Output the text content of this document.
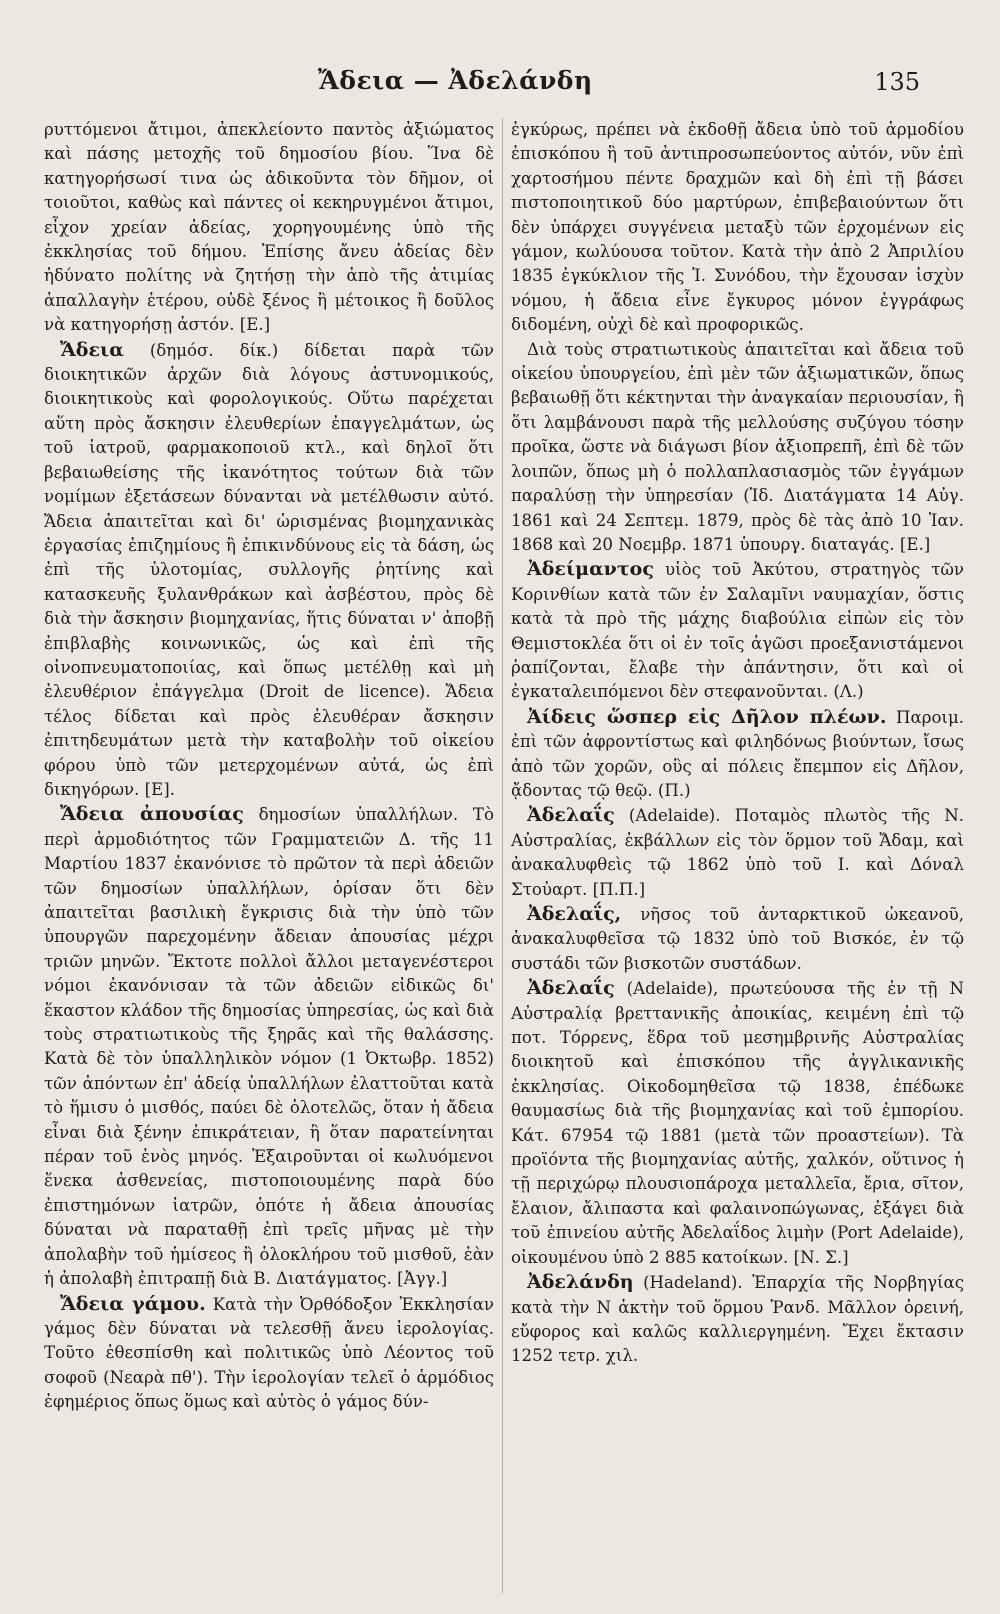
Ἄδεια — Ἀδελάνδη	135

ρυττόμενοι ἄτιμοι, ἀπεκλείοντο παντὸς ἀξιώματος καὶ πάσης μετοχῆς τοῦ δημοσίου βίου. Ἵνα δὲ κατηγορήσωσί τινα ὡς ἀδικοῦντα τὸν δῆμον, οἱ τοιοῦτοι, καθὼς καὶ πάντες οἱ κεκηρυγμένοι ἄτιμοι, εἶχον χρείαν ἀδείας, χορηγουμένης ὑπὸ τῆς ἐκκλησίας τοῦ δήμου. Ἐπίσης ἄνευ ἀδείας δὲν ἠδύνατο πολίτης νὰ ζητήσῃ τὴν ἀπὸ τῆς ἀτιμίας ἀπαλλαγὴν ἑτέρου, οὐδὲ ξένος ἢ μέτοικος ἢ δοῦλος νὰ κατηγορήσῃ ἀστόν. [Ε.]

Ἄδεια (δημόσ. δίκ.) δίδεται παρὰ τῶν διοικητικῶν ἀρχῶν διὰ λόγους ἀστυνομικούς, διοικητικοὺς καὶ φορολογικούς. Οὕτω παρέχεται αὕτη πρὸς ἄσκησιν ἐλευθερίων ἐπαγγελμάτων, ὡς τοῦ ἰατροῦ, φαρμακοποιοῦ κτλ., καὶ δηλοῖ ὅτι βεβαιωθείσης τῆς ἱκανότητος τούτων διὰ τῶν νομίμων ἐξετάσεων δύνανται νὰ μετέλθωσιν αὐτό. Ἄδεια ἀπαιτεῖται καὶ δι' ὡρισμένας βιομηχανικὰς ἐργασίας ἐπιζημίους ἢ ἐπικινδύνους εἰς τὰ δάση, ὡς ἐπὶ τῆς ὑλοτομίας, συλλογῆς ῥητίνης καὶ κατασκευῆς ξυλανθράκων καὶ ἀσβέστου, πρὸς δὲ διὰ τὴν ἄσκησιν βιομηχανίας, ἥτις δύναται ν' ἀποβῇ ἐπιβλαβὴς κοινωνικῶς, ὡς καὶ ἐπὶ τῆς οἰνοπνευματοποιίας, καὶ ὅπως μετέλθῃ καὶ μὴ ἐλευθέριον ἐπάγγελμα (Droit de licence). Ἄδεια τέλος δίδεται καὶ πρὸς ἐλευθέραν ἄσκησιν ἐπιτηδευμάτων μετὰ τὴν καταβολὴν τοῦ οἰκείου φόρου ὑπὸ τῶν μετερχομένων αὐτά, ὡς ἐπὶ δικηγόρων. [Ε].

Ἄδεια ἀπουσίας δημοσίων ὑπαλλήλων. Τὸ περὶ ἁρμοδιότητος τῶν Γραμματειῶν Δ. τῆς 11 Μαρτίου 1837 ἐκανόνισε τὸ πρῶτον τὰ περὶ ἀδειῶν τῶν δημοσίων ὑπαλλήλων, ὁρίσαν ὅτι δὲν ἀπαιτεῖται βασιλικὴ ἔγκρισις διὰ τὴν ὑπὸ τῶν ὑπουργῶν παρεχομένην ἄδειαν ἀπουσίας μέχρι τριῶν μηνῶν. Ἔκτοτε πολλοὶ ἄλλοι μεταγενέστεροι νόμοι ἐκανόνισαν τὰ τῶν ἀδειῶν εἰδικῶς δι' ἕκαστον κλάδον τῆς δημοσίας ὑπηρεσίας, ὡς καὶ διὰ τοὺς στρατιωτικοὺς τῆς ξηρᾶς καὶ τῆς θαλάσσης. Κατὰ δὲ τὸν ὑπαλληλικὸν νόμον (1 Ὀκτωβρ. 1852) τῶν ἀπόντων ἐπ' ἀδείᾳ ὑπαλλήλων ἐλαττοῦται κατὰ τὸ ἥμισυ ὁ μισθός, παύει δὲ ὁλοτελῶς, ὅταν ἡ ἄδεια εἶναι διὰ ξένην ἐπικράτειαν, ἢ ὅταν παρατείνηται πέραν τοῦ ἑνὸς μηνός. Ἐξαιροῦνται οἱ κωλυόμενοι ἕνεκα ἀσθενείας, πιστοποιουμένης παρὰ δύο ἐπιστημόνων ἰατρῶν, ὁπότε ἡ ἄδεια ἀπουσίας δύναται νὰ παραταθῇ ἐπὶ τρεῖς μῆνας μὲ τὴν ἀπολαβὴν τοῦ ἡμίσεος ἢ ὁλοκλήρου τοῦ μισθοῦ, ἐὰν ἡ ἀπολαβὴ ἐπιτραπῇ διὰ Β. Διατάγματος. [Ἀγγ.]

Ἄδεια γάμου. Κατὰ τὴν Ὀρθόδοξον Ἐκκλησίαν γάμος δὲν δύναται νὰ τελεσθῇ ἄνευ ἱερολογίας. Τοῦτο ἐθεσπίσθη καὶ πολιτικῶς ὑπὸ Λέοντος τοῦ σοφοῦ (Νεαρὰ πθ'). Τὴν ἱερολογίαν τελεῖ ὁ ἁρμόδιος ἐφημέριος ὅπως ὅμως καὶ αὐτὸς ὁ γάμος δύν-

ἐγκύρως, πρέπει νὰ ἐκδοθῇ ἄδεια ὑπὸ τοῦ ἁρμοδίου ἐπισκόπου ἢ τοῦ ἀντιπροσωπεύοντος αὐτόν, νῦν ἐπὶ χαρτοσήμου πέντε δραχμῶν καὶ δὴ ἐπὶ τῇ βάσει πιστοποιητικοῦ δύο μαρτύρων, ἐπιβεβαιούντων ὅτι δὲν ὑπάρχει συγγένεια μεταξὺ τῶν ἐρχομένων εἰς γάμον, κωλύουσα τοῦτον. Κατὰ τὴν ἀπὸ 2 Ἀπριλίου 1835 ἐγκύκλιον τῆς Ἱ. Συνόδου, τὴν ἔχουσαν ἰσχὺν νόμου, ἡ ἄδεια εἶνε ἔγκυρος μόνον ἐγγράφως διδομένη, οὐχὶ δὲ καὶ προφορικῶς.

Διὰ τοὺς στρατιωτικοὺς ἀπαιτεῖται καὶ ἄδεια τοῦ οἰκείου ὑπουργείου, ἐπὶ μὲν τῶν ἀξιωματικῶν, ὅπως βεβαιωθῇ ὅτι κέκτηνται τὴν ἀναγκαίαν περιουσίαν, ἢ ὅτι λαμβάνουσι παρὰ τῆς μελλούσης συζύγου τόσην προῖκα, ὥστε νὰ διάγωσι βίον ἀξιοπρεπῆ, ἐπὶ δὲ τῶν λοιπῶν, ὅπως μὴ ὁ πολλαπλασιασμὸς τῶν ἐγγάμων παραλύσῃ τὴν ὑπηρεσίαν (Ἰδ. Διατάγματα 14 Αὐγ. 1861 καὶ 24 Σεπτεμ. 1879, πρὸς δὲ τὰς ἀπὸ 10 Ἰαν. 1868 καὶ 20 Νοεμβρ. 1871 ὑπουργ. διαταγάς. [Ε.]

Ἀδείμαντος υἱὸς τοῦ Ἀκύτου, στρατηγὸς τῶν Κορινθίων κατὰ τῶν ἐν Σαλαμῖνι ναυμαχίαν, ὅστις κατὰ τὰ πρὸ τῆς μάχης διαβούλια εἰπὼν εἰς τὸν Θεμιστοκλέα ὅτι οἱ ἐν τοῖς ἀγῶσι προεξανιστάμενοι ῥαπίζονται, ἔλαβε τὴν ἀπάντησιν, ὅτι καὶ οἱ ἐγκαταλειπόμενοι δὲν στεφανοῦνται. (Λ.)

Ἀίδεις ὥσπερ εἰς Δῆλον πλέων. Παροιμ. ἐπὶ τῶν ἀφροντίστως καὶ φιληδόνως βιούντων, ἴσως ἀπὸ τῶν χορῶν, οὓς αἱ πόλεις ἔπεμπον εἰς Δῆλον, ᾄδοντας τῷ θεῷ. (Π.)

Ἀδελαΐς (Adelaide). Ποταμὸς πλωτὸς τῆς Ν. Αὐστραλίας, ἐκβάλλων εἰς τὸν ὅρμον τοῦ Ἄδαμ, καὶ ἀνακαλυφθεὶς τῷ 1862 ὑπὸ τοῦ Ι. καὶ Δόναλ Στοὐαρτ. [Π.Π.]

Ἀδελαΐς, νῆσος τοῦ ἀνταρκτικοῦ ὠκεανοῦ, ἀνακαλυφθεῖσα τῷ 1832 ὑπὸ τοῦ Βισκόε, ἐν τῷ συστάδι τῶν βισκοτῶν συστάδων.

Ἀδελαΐς (Adelaide), πρωτεύουσα τῆς ἐν τῇ Ν Αὐστραλίᾳ βρεττανικῆς ἀποικίας, κειμένη ἐπὶ τῷ ποτ. Τόρρενς, ἕδρα τοῦ μεσημβρινῆς Αὐστραλίας διοικητοῦ καὶ ἐπισκόπου τῆς ἀγγλικανικῆς ἐκκλησίας. Οἰκοδομηθεῖσα τῷ 1838, ἐπέδωκε θαυμασίως διὰ τῆς βιομηχανίας καὶ τοῦ ἐμπορίου. Κάτ. 67954 τῷ 1881 (μετὰ τῶν προαστείων). Τὰ προϊόντα τῆς βιομηχανίας αὐτῆς, χαλκόν, οὕτινος ἡ τῇ περιχώρῳ πλουσιοπάροχα μεταλλεῖα, ἔρια, σῖτον, ἔλαιον, ἄλιπαστα καὶ φαλαινοπώγωνας, ἐξάγει διὰ τοῦ ἐπινείου αὐτῆς Ἀδελαΐδος λιμὴν (Port Adelaide), οἰκουμένου ὑπὸ 2 885 κατοίκων. [Ν. Σ.]

Ἀδελάνδη (Hadeland). Ἐπαρχία τῆς Νορβηγίας κατὰ τὴν Ν ἀκτὴν τοῦ ὅρμου Ῥανδ. Μᾶλλον ὀρεινή, εὔφορος καὶ καλῶς καλλιεργημένη. Ἔχει ἔκτασιν 1252 τετρ. χιλ.
